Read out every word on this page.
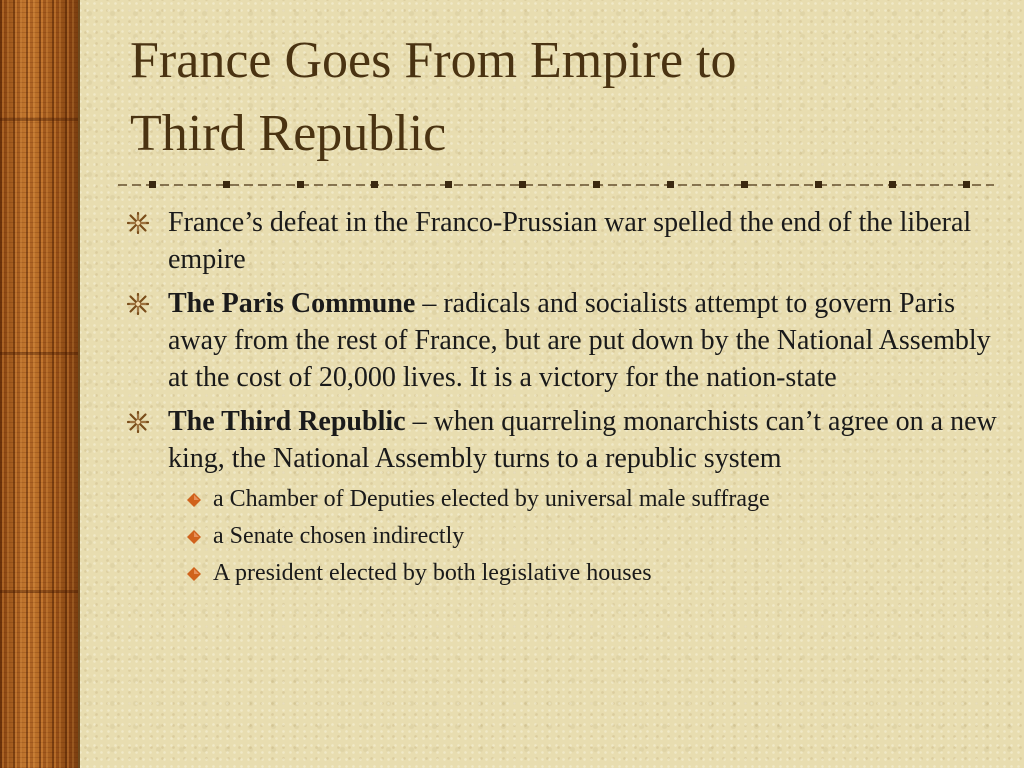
France Goes From Empire to
Third Republic
France’s defeat in the Franco-Prussian war spelled the end of the liberal empire
The Paris Commune – radicals and socialists attempt to govern Paris away from the rest of France, but are put down by the National Assembly at the cost of 20,000 lives. It is a victory for the nation-state
The Third Republic – when quarreling monarchists can’t agree on a new king, the National Assembly turns to a republic system
a Chamber of Deputies elected by universal male suffrage
a Senate chosen indirectly
A president elected by both legislative houses
